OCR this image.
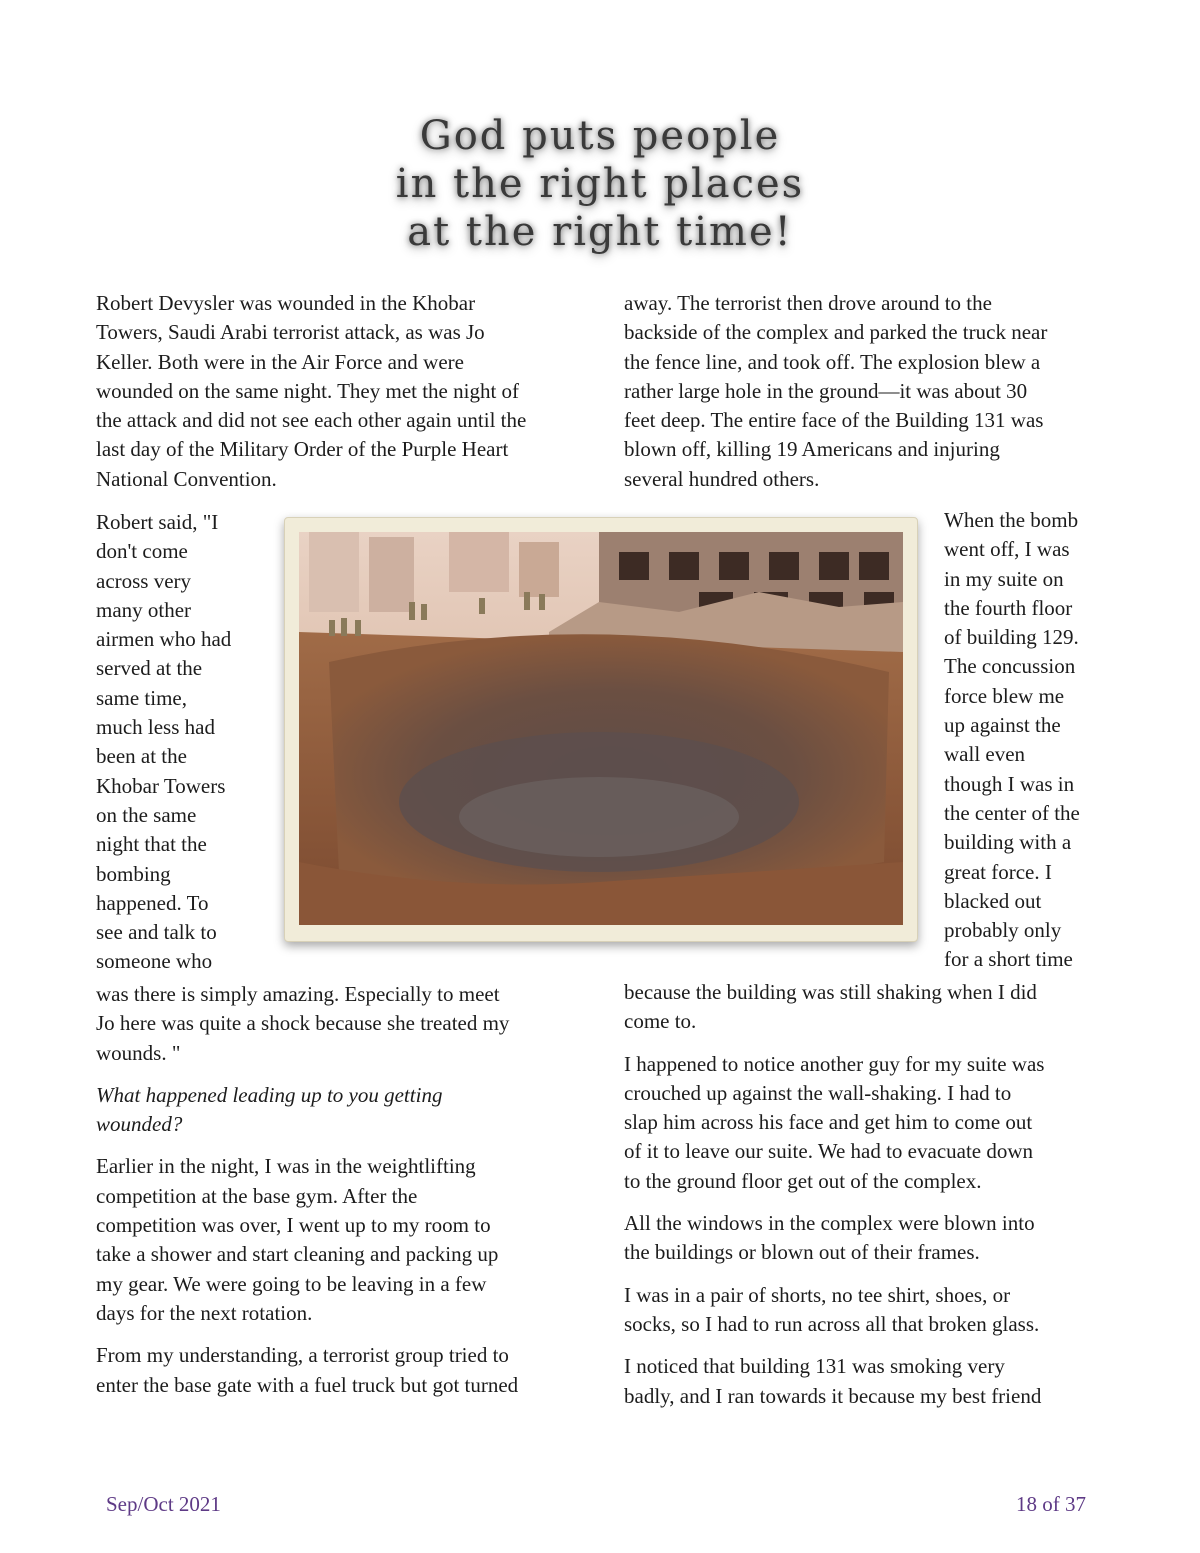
God puts people
in the right places
at the right time!
Robert Devysler was wounded in the Khobar
Towers, Saudi Arabi terrorist attack, as was Jo
Keller. Both were in the Air Force and were
wounded on the same night. They met the night of
the attack and did not see each other again until the
last day of the Military Order of the Purple Heart
National Convention.
Robert said, "I
don't come
across very
many other
airmen who had
served at the
same time,
much less had
been at the
Khobar Towers
on the same
night that the
bombing
happened. To
see and talk to
someone who
was there is simply amazing. Especially to meet
Jo here was quite a shock because she treated my
wounds. "
What happened leading up to you getting
wounded?
Earlier in the night, I was in the weightlifting
competition at the base gym. After the
competition was over, I went up to my room to
take a shower and start cleaning and packing up
my gear. We were going to be leaving in a few
days for the next rotation.
From my understanding, a terrorist group tried to
enter the base gate with a fuel truck but got turned
away. The terrorist then drove around to the
backside of the complex and parked the truck near
the fence line, and took off. The explosion blew a
rather large hole in the ground—it was about 30
feet deep. The entire face of the Building 131 was
blown off, killing 19 Americans and injuring
several hundred others.
When the bomb
went off, I was
in my suite on
the fourth floor
of building 129.
The concussion
force blew me
up against the
wall even
though I was in
the center of the
building with a
great force. I
blacked out
probably only
for a short time
because the building was still shaking when I did
come to.
I happened to notice another guy for my suite was
crouched up against the wall-shaking. I had to
slap him across his face and get him to come out
of it to leave our suite. We had to evacuate down
to the ground floor get out of the complex.
All the windows in the complex were blown into
the buildings or blown out of their frames.
I was in a pair of shorts, no tee shirt, shoes, or
socks, so I had to run across all that broken glass.
I noticed that building 131 was smoking very
badly, and I ran towards it because my best friend
Sep/Oct 2021	18 of 37
